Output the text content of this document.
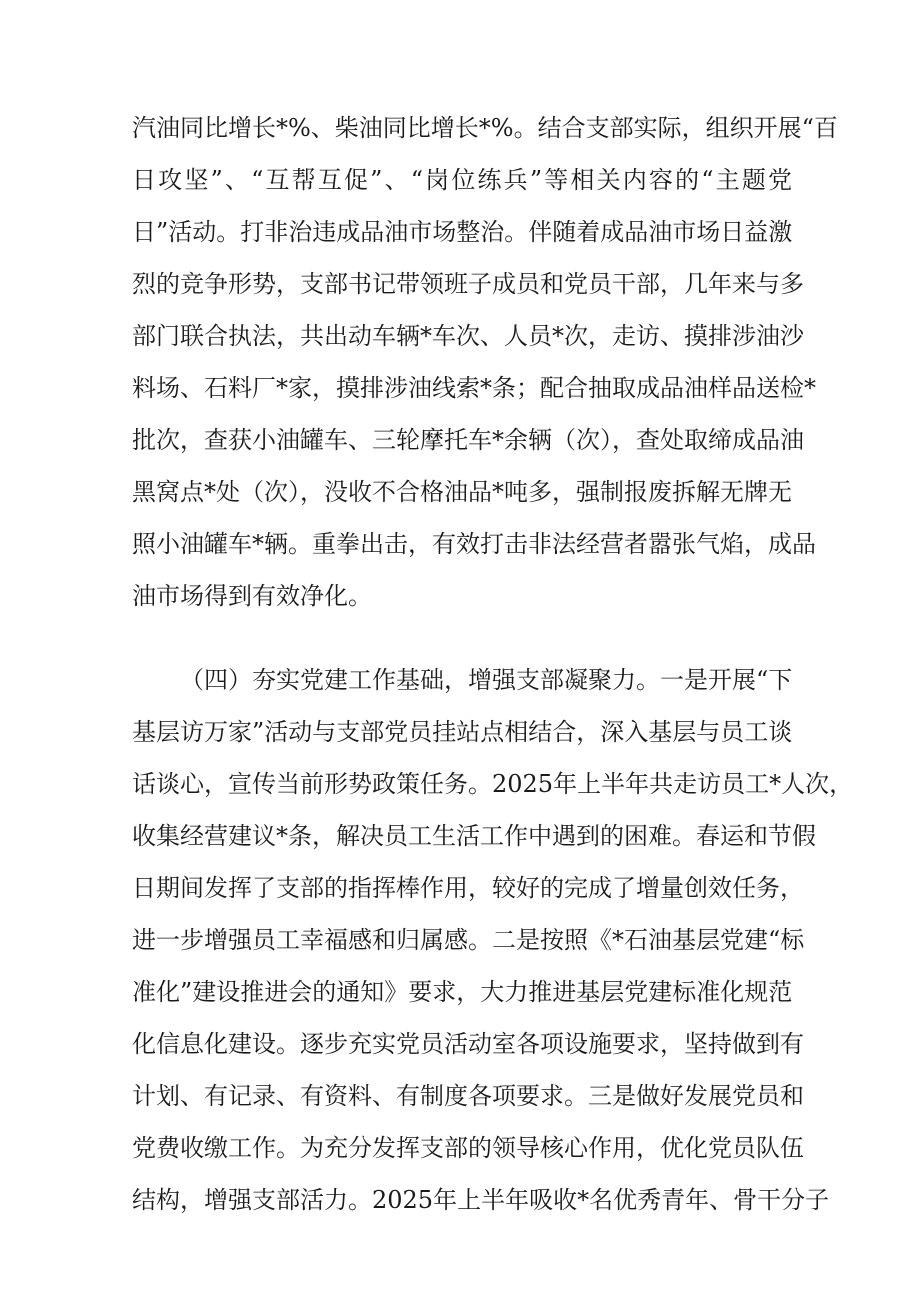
汽油同比增长*%、柴油同比增长*%。结合支部实际，组织开展“百
日攻坚”、“互帮互促”、“岗位练兵”等相关内容的“主题党
日”活动。打非治违成品油市场整治。伴随着成品油市场日益激
烈的竞争形势，支部书记带领班子成员和党员干部，几年来与多
部门联合执法，共出动车辆*车次、人员*次，走访、摸排涉油沙
料场、石料厂*家，摸排涉油线索*条；配合抽取成品油样品送检*
批次，查获小油罐车、三轮摩托车*余辆（次），查处取缔成品油
黑窝点*处（次），没收不合格油品*吨多，强制报废拆解无牌无
照小油罐车*辆。重拳出击，有效打击非法经营者嚣张气焰，成品
油市场得到有效净化。
（四）夯实党建工作基础，增强支部凝聚力。一是开展“下
基层访万家”活动与支部党员挂站点相结合，深入基层与员工谈
话谈心，宣传当前形势政策任务。2025年上半年共走访员工*人次，
收集经营建议*条，解决员工生活工作中遇到的困难。春运和节假
日期间发挥了支部的指挥棒作用，较好的完成了增量创效任务，
进一步增强员工幸福感和归属感。二是按照《*石油基层党建“标
准化”建设推进会的通知》要求，大力推进基层党建标准化规范
化信息化建设。逐步充实党员活动室各项设施要求，坚持做到有
计划、有记录、有资料、有制度各项要求。三是做好发展党员和
党费收缴工作。为充分发挥支部的领导核心作用，优化党员队伍
结构，增强支部活力。2025年上半年吸收*名优秀青年、骨干分子
